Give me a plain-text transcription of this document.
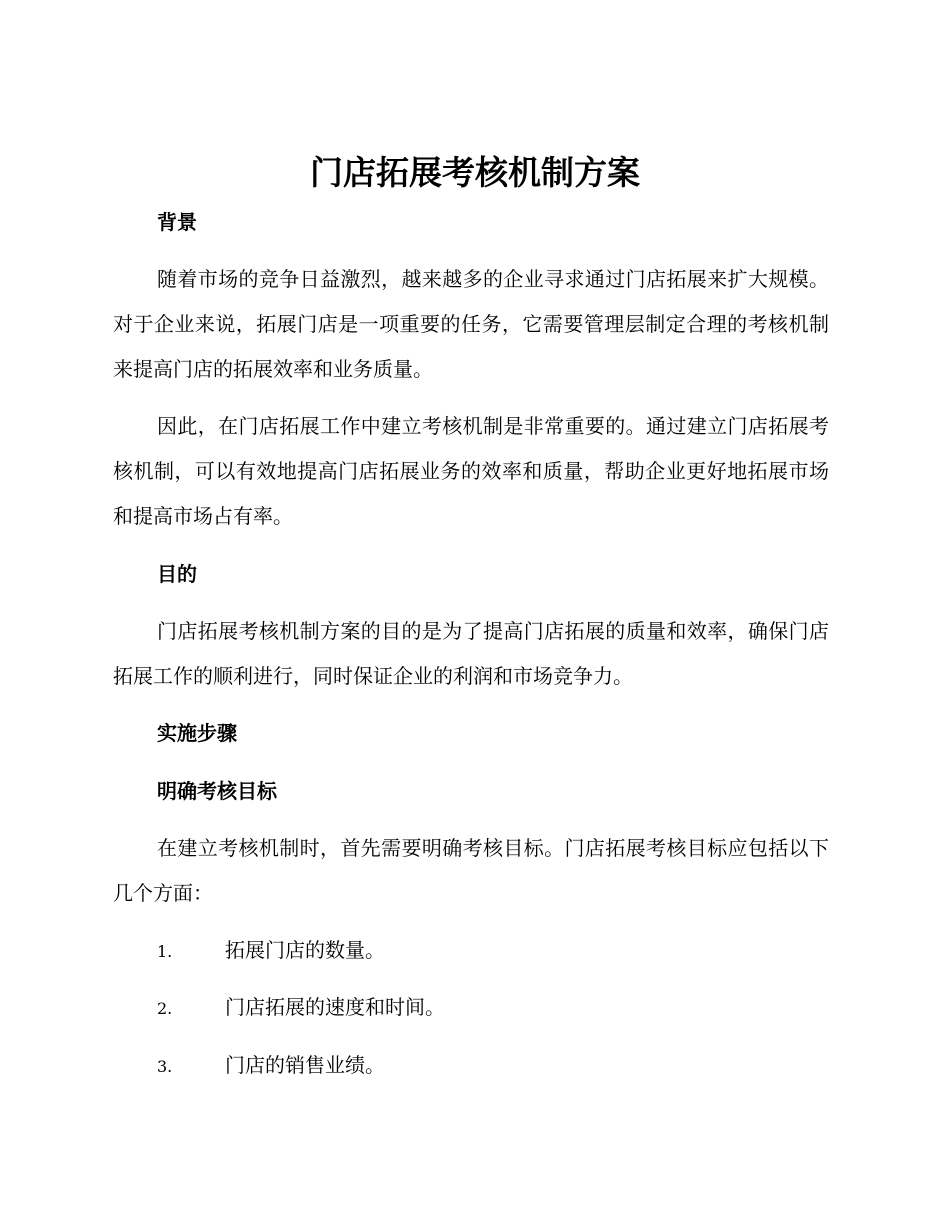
门店拓展考核机制方案
背景

随着市场的竞争日益激烈，越来越多的企业寻求通过门店拓展来扩大规模。对于企业来说，拓展门店是一项重要的任务，它需要管理层制定合理的考核机制来提高门店的拓展效率和业务质量。

因此，在门店拓展工作中建立考核机制是非常重要的。通过建立门店拓展考核机制，可以有效地提高门店拓展业务的效率和质量，帮助企业更好地拓展市场和提高市场占有率。

目的

门店拓展考核机制方案的目的是为了提高门店拓展的质量和效率，确保门店拓展工作的顺利进行，同时保证企业的利润和市场竞争力。

实施步骤
明确考核目标

在建立考核机制时，首先需要明确考核目标。门店拓展考核目标应包括以下几个方面：

1.	拓展门店的数量。
2.	门店拓展的速度和时间。
3.	门店的销售业绩。
